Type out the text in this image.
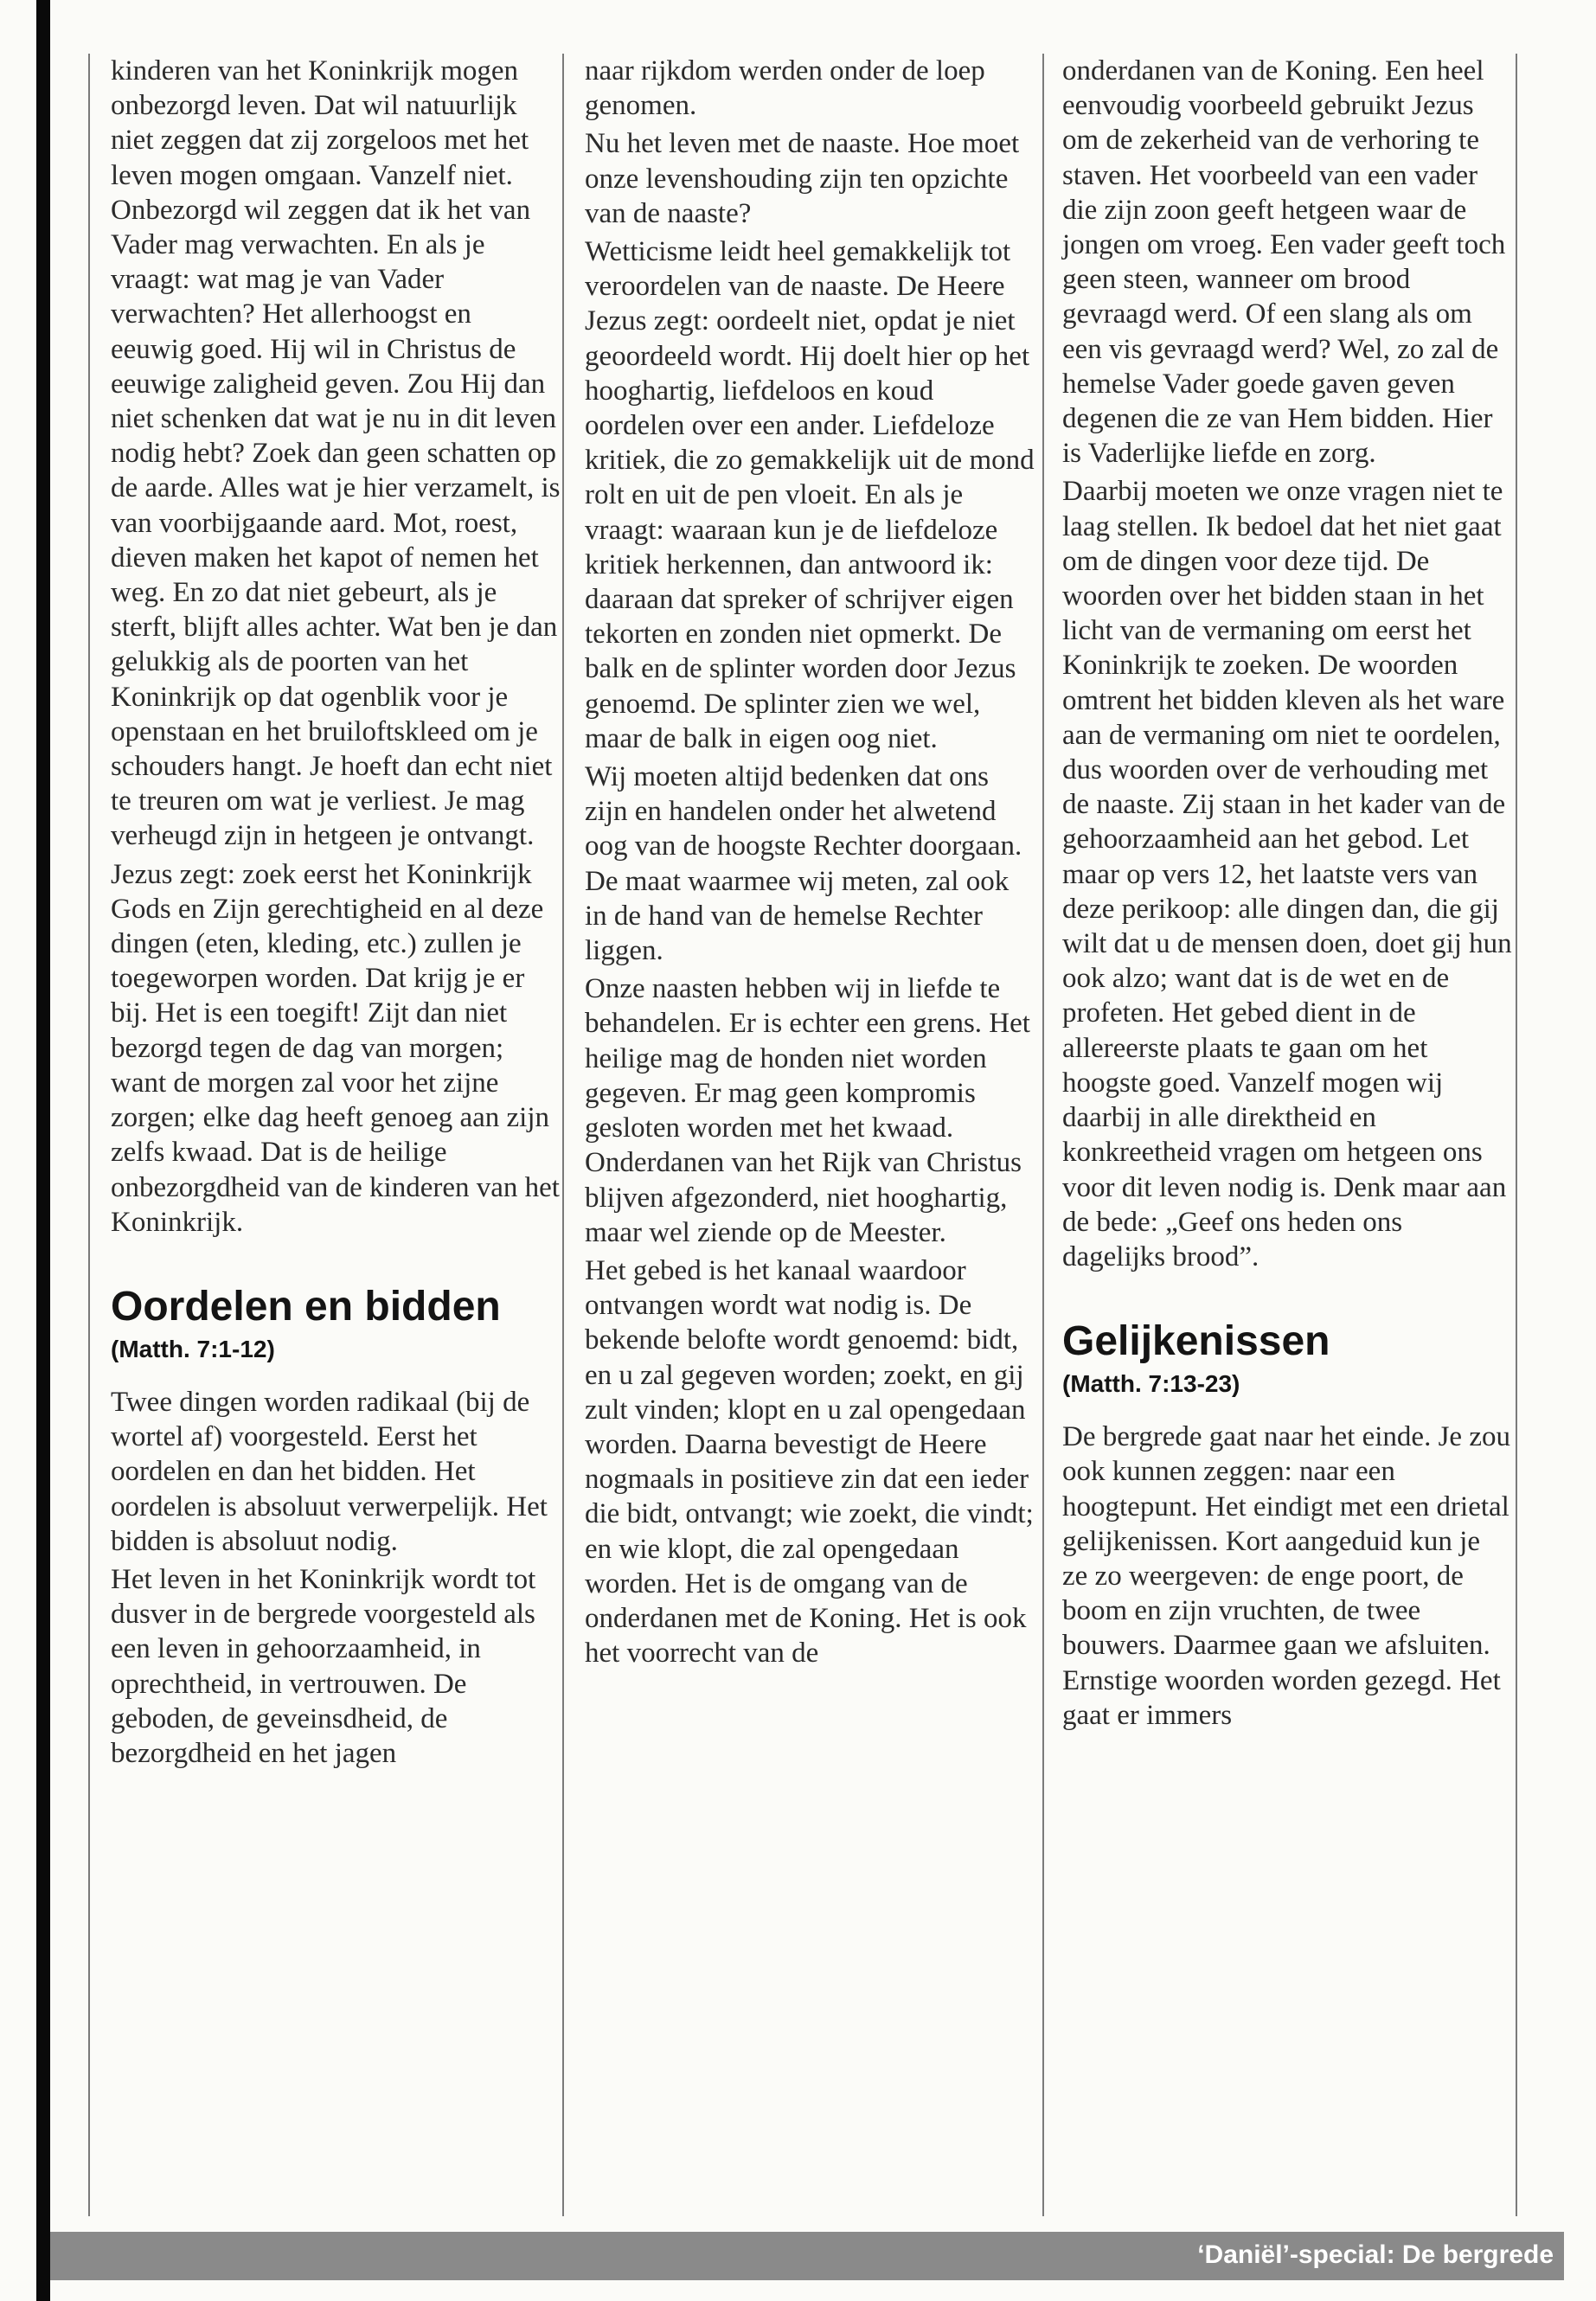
kinderen van het Koninkrijk mogen onbezorgd leven. Dat wil natuurlijk niet zeggen dat zij zorgeloos met het leven mogen omgaan. Vanzelf niet. Onbezorgd wil zeggen dat ik het van Vader mag verwachten. En als je vraagt: wat mag je van Vader verwachten? Het allerhoogst en eeuwig goed. Hij wil in Christus de eeuwige zaligheid geven. Zou Hij dan niet schenken dat wat je nu in dit leven nodig hebt? Zoek dan geen schatten op de aarde. Alles wat je hier verzamelt, is van voorbijgaande aard. Mot, roest, dieven maken het kapot of nemen het weg. En zo dat niet gebeurt, als je sterft, blijft alles achter. Wat ben je dan gelukkig als de poorten van het Koninkrijk op dat ogenblik voor je openstaan en het bruiloftskleed om je schouders hangt. Je hoeft dan echt niet te treuren om wat je verliest. Je mag verheugd zijn in hetgeen je ontvangt.

Jezus zegt: zoek eerst het Koninkrijk Gods en Zijn gerechtigheid en al deze dingen (eten, kleding, etc.) zullen je toegeworpen worden. Dat krijg je er bij. Het is een toegift! Zijt dan niet bezorgd tegen de dag van morgen; want de morgen zal voor het zijne zorgen; elke dag heeft genoeg aan zijn zelfs kwaad. Dat is de heilige onbezorgdheid van de kinderen van het Koninkrijk.

Oordelen en bidden
(Matth. 7:1-12)

Twee dingen worden radikaal (bij de wortel af) voorgesteld. Eerst het oordelen en dan het bidden. Het oordelen is absoluut verwerpelijk. Het bidden is absoluut nodig.

Het leven in het Koninkrijk wordt tot dusver in de bergrede voorgesteld als een leven in gehoorzaamheid, in oprechtheid, in vertrouwen. De geboden, de geveinsdheid, de bezorgdheid en het jagen

naar rijkdom werden onder de loep genomen.

Nu het leven met de naaste. Hoe moet onze levenshouding zijn ten opzichte van de naaste?

Wetticisme leidt heel gemakkelijk tot veroordelen van de naaste. De Heere Jezus zegt: oordeelt niet, opdat je niet geoordeeld wordt. Hij doelt hier op het hooghartig, liefdeloos en koud oordelen over een ander. Liefdeloze kritiek, die zo gemakkelijk uit de mond rolt en uit de pen vloeit. En als je vraagt: waaraan kun je de liefdeloze kritiek herkennen, dan antwoord ik: daaraan dat spreker of schrijver eigen tekorten en zonden niet opmerkt. De balk en de splinter worden door Jezus genoemd. De splinter zien we wel, maar de balk in eigen oog niet.

Wij moeten altijd bedenken dat ons zijn en handelen onder het alwetend oog van de hoogste Rechter doorgaan. De maat waarmee wij meten, zal ook in de hand van de hemelse Rechter liggen.

Onze naasten hebben wij in liefde te behandelen. Er is echter een grens. Het heilige mag de honden niet worden gegeven. Er mag geen kompromis gesloten worden met het kwaad. Onderdanen van het Rijk van Christus blijven afgezonderd, niet hooghartig, maar wel ziende op de Meester.

Het gebed is het kanaal waardoor ontvangen wordt wat nodig is. De bekende belofte wordt genoemd: bidt, en u zal gegeven worden; zoekt, en gij zult vinden; klopt en u zal opengedaan worden. Daarna bevestigt de Heere nogmaals in positieve zin dat een ieder die bidt, ontvangt; wie zoekt, die vindt; en wie klopt, die zal opengedaan worden. Het is de omgang van de onderdanen met de Koning. Het is ook het voorrecht van de

onderdanen van de Koning. Een heel eenvoudig voorbeeld gebruikt Jezus om de zekerheid van de verhoring te staven. Het voorbeeld van een vader die zijn zoon geeft hetgeen waar de jongen om vroeg. Een vader geeft toch geen steen, wanneer om brood gevraagd werd. Of een slang als om een vis gevraagd werd? Wel, zo zal de hemelse Vader goede gaven geven degenen die ze van Hem bidden. Hier is Vaderlijke liefde en zorg.

Daarbij moeten we onze vragen niet te laag stellen. Ik bedoel dat het niet gaat om de dingen voor deze tijd. De woorden over het bidden staan in het licht van de vermaning om eerst het Koninkrijk te zoeken. De woorden omtrent het bidden kleven als het ware aan de vermaning om niet te oordelen, dus woorden over de verhouding met de naaste. Zij staan in het kader van de gehoorzaamheid aan het gebod. Let maar op vers 12, het laatste vers van deze perikoop: alle dingen dan, die gij wilt dat u de mensen doen, doet gij hun ook alzo; want dat is de wet en de profeten. Het gebed dient in de allereerste plaats te gaan om het hoogste goed. Vanzelf mogen wij daarbij in alle direktheid en konkreetheid vragen om hetgeen ons voor dit leven nodig is. Denk maar aan de bede: „Geef ons heden ons dagelijks brood”.

Gelijkenissen
(Matth. 7:13-23)

De bergrede gaat naar het einde. Je zou ook kunnen zeggen: naar een hoogtepunt. Het eindigt met een drietal gelijkenissen. Kort aangeduid kun je ze zo weergeven: de enge poort, de boom en zijn vruchten, de twee bouwers. Daarmee gaan we afsluiten. Ernstige woorden worden gezegd. Het gaat er immers

‘Daniël’-special: De bergrede
